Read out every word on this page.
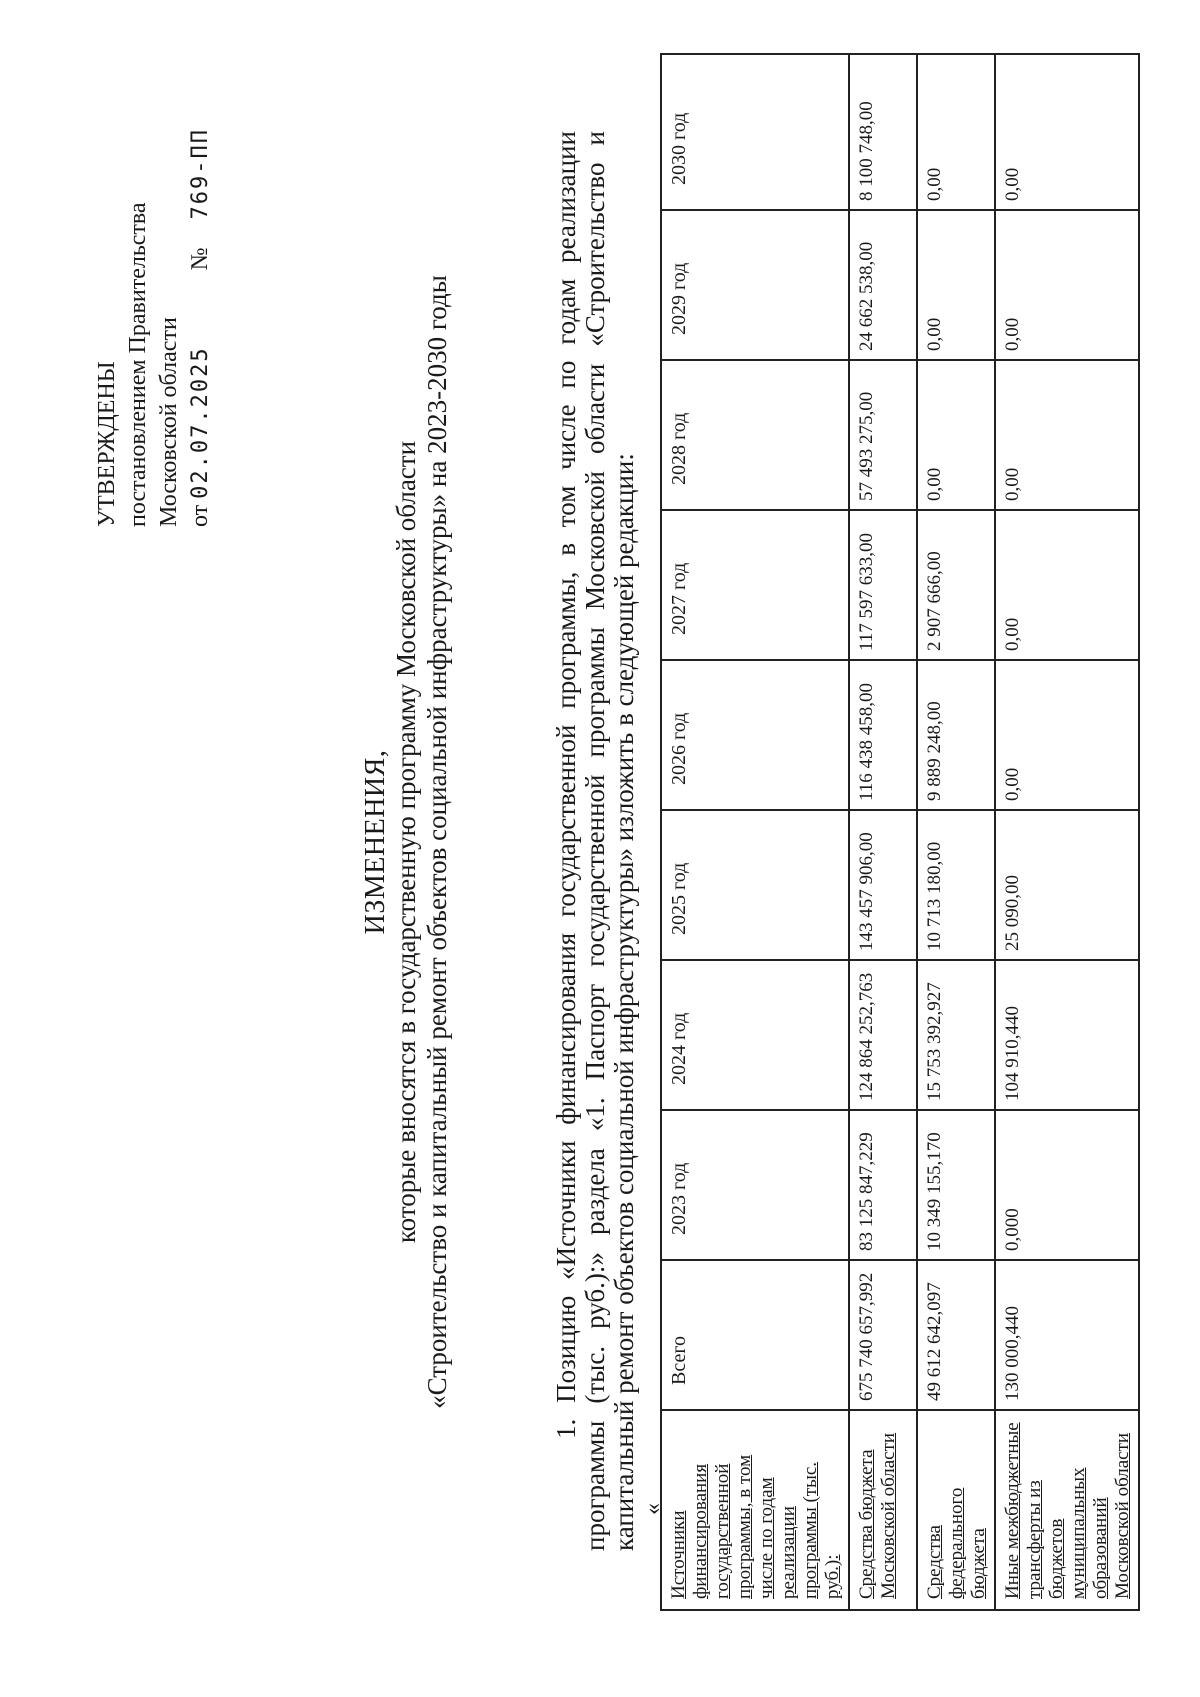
УТВЕРЖДЕНЫ постановлением Правительства Московской области от 02.07.2025 № 769-ПП
ИЗМЕНЕНИЯ, которые вносятся в государственную программу Московской области «Строительство и капитальный ремонт объектов социальной инфраструктуры» на 2023-2030 годы	1. Позицию «Источники финансирования государственной программы, в том числе по годам реализации программы (тыс. руб.):» раздела «1. Паспорт государственной программы Московской области «Строительство и капитальный ремонт объектов социальной инфраструктуры» изложить в следующей редакции: «
Источники финансирования государственной программы, в том числе по годам реализации программы (тыс. руб.):	Всего	2023 год	2024 год	2025 год	2026 год	2027 год	2028 год	2029 год	2030 год
Средства бюджета Московской области	675 740 657,992	83 125 847,229	124 864 252,763	143 457 906,00	116 438 458,00	117 597 633,00	57 493 275,00	24 662 538,00	8 100 748,00
Средства федерального бюджета	49 612 642,097	10 349 155,170	15 753 392,927	10 713 180,00	9 889 248,00	2 907 666,00	0,00	0,00	0,00
Иные межбюджетные трансферты из бюджетов муниципальных образований Московской области	130 000,440	0,000	104 910,440	25 090,00	0,00	0,00	0,00	0,00	0,00
